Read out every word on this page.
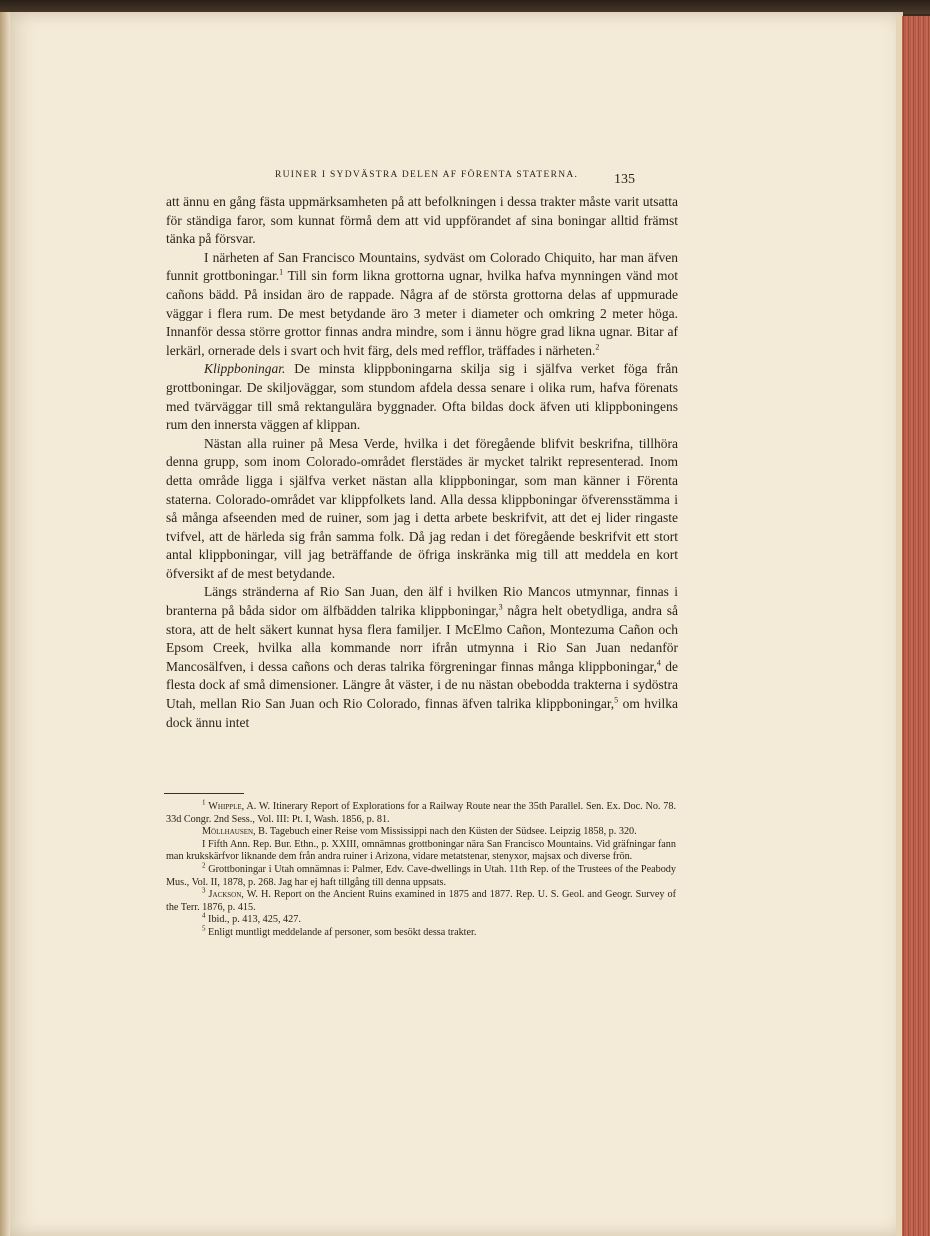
RUINER I SYDVÄSTRA DELEN AF FÖRENTA STATERNA.	135

att ännu en gång fästa uppmärksamheten på att befolkningen i dessa trakter måste varit utsatta för ständiga faror, som kunnat förmå dem att vid uppförandet af sina boningar alltid främst tänka på försvar.

I närheten af San Francisco Mountains, sydväst om Colorado Chiquito, har man äfven funnit grottboningar.$^1$ Till sin form likna grottorna ugnar, hvilka hafva mynningen vänd mot cañons bädd. På insidan äro de rappade. Några af de största grottorna delas af uppmurade väggar i flera rum. De mest betydande äro 3 meter i diameter och omkring 2 meter höga. Innanför dessa större grottor finnas andra mindre, som i ännu högre grad likna ugnar. Bitar af lerkärl, ornerade dels i svart och hvit färg, dels med refflor, träffades i närheten.$^2$

Klippboningar. De minsta klippboningarna skilja sig i själfva verket föga från grottboningar. De skiljoväggar, som stundom afdela dessa senare i olika rum, hafva förenats med tvärväggar till små rektangulära byggnader. Ofta bildas dock äfven uti klippboningens rum den innersta väggen af klippan.

Nästan alla ruiner på Mesa Verde, hvilka i det föregående blifvit beskrifna, tillhöra denna grupp, som inom Colorado-området flerstädes är mycket talrikt representerad. Inom detta område ligga i själfva verket nästan alla klippboningar, som man känner i Förenta staterna. Colorado-området var klippfolkets land. Alla dessa klippboningar öfverensstämma i så många afseenden med de ruiner, som jag i detta arbete beskrifvit, att det ej lider ringaste tvifvel, att de härleda sig från samma folk. Då jag redan i det föregående beskrifvit ett stort antal klippboningar, vill jag beträffande de öfriga inskränka mig till att meddela en kort öfversikt af de mest betydande.

Längs stränderna af Rio San Juan, den älf i hvilken Rio Mancos utmynnar, finnas i branterna på båda sidor om älfbädden talrika klippboningar,$^3$ några helt obetydliga, andra så stora, att de helt säkert kunnat hysa flera familjer. I McElmo Cañon, Montezuma Cañon och Epsom Creek, hvilka alla kommande norr ifrån utmynna i Rio San Juan nedanför Mancosälfven, i dessa cañons och deras talrika förgreningar finnas många klippboningar,$^4$ de flesta dock af små dimensioner. Längre åt väster, i de nu nästan obebodda trakterna i sydöstra Utah, mellan Rio San Juan och Rio Colorado, finnas äfven talrika klippboningar,$^5$ om hvilka dock ännu intet

$^1$ Whipple, A. W. Itinerary Report of Explorations for a Railway Route near the 35th Parallel. Sen. Ex. Doc. No. 78. 33d Congr. 2nd Sess., Vol. III: Pt. I, Wash. 1856, p. 81.

Möllhausen, B. Tagebuch einer Reise vom Mississippi nach den Küsten der Südsee. Leipzig 1858, p. 320.

I Fifth Ann. Rep. Bur. Ethn., p. XXIII, omnämnas grottboningar nära San Francisco Mountains. Vid gräfningar fann man krukskärfvor liknande dem från andra ruiner i Arizona, vidare metatstenar, stenyxor, majsax och diverse frön.

$^2$ Grottboningar i Utah omnämnas i: Palmer, Edv. Cave-dwellings in Utah. 11th Rep. of the Trustees of the Peabody Mus., Vol. II, 1878, p. 268. Jag har ej haft tillgång till denna uppsats.

$^3$ Jackson, W. H. Report on the Ancient Ruins examined in 1875 and 1877. Rep. U. S. Geol. and Geogr. Survey of the Terr. 1876, p. 415.

$^4$ Ibid., p. 413, 425, 427.

$^5$ Enligt muntligt meddelande af personer, som besökt dessa trakter.
